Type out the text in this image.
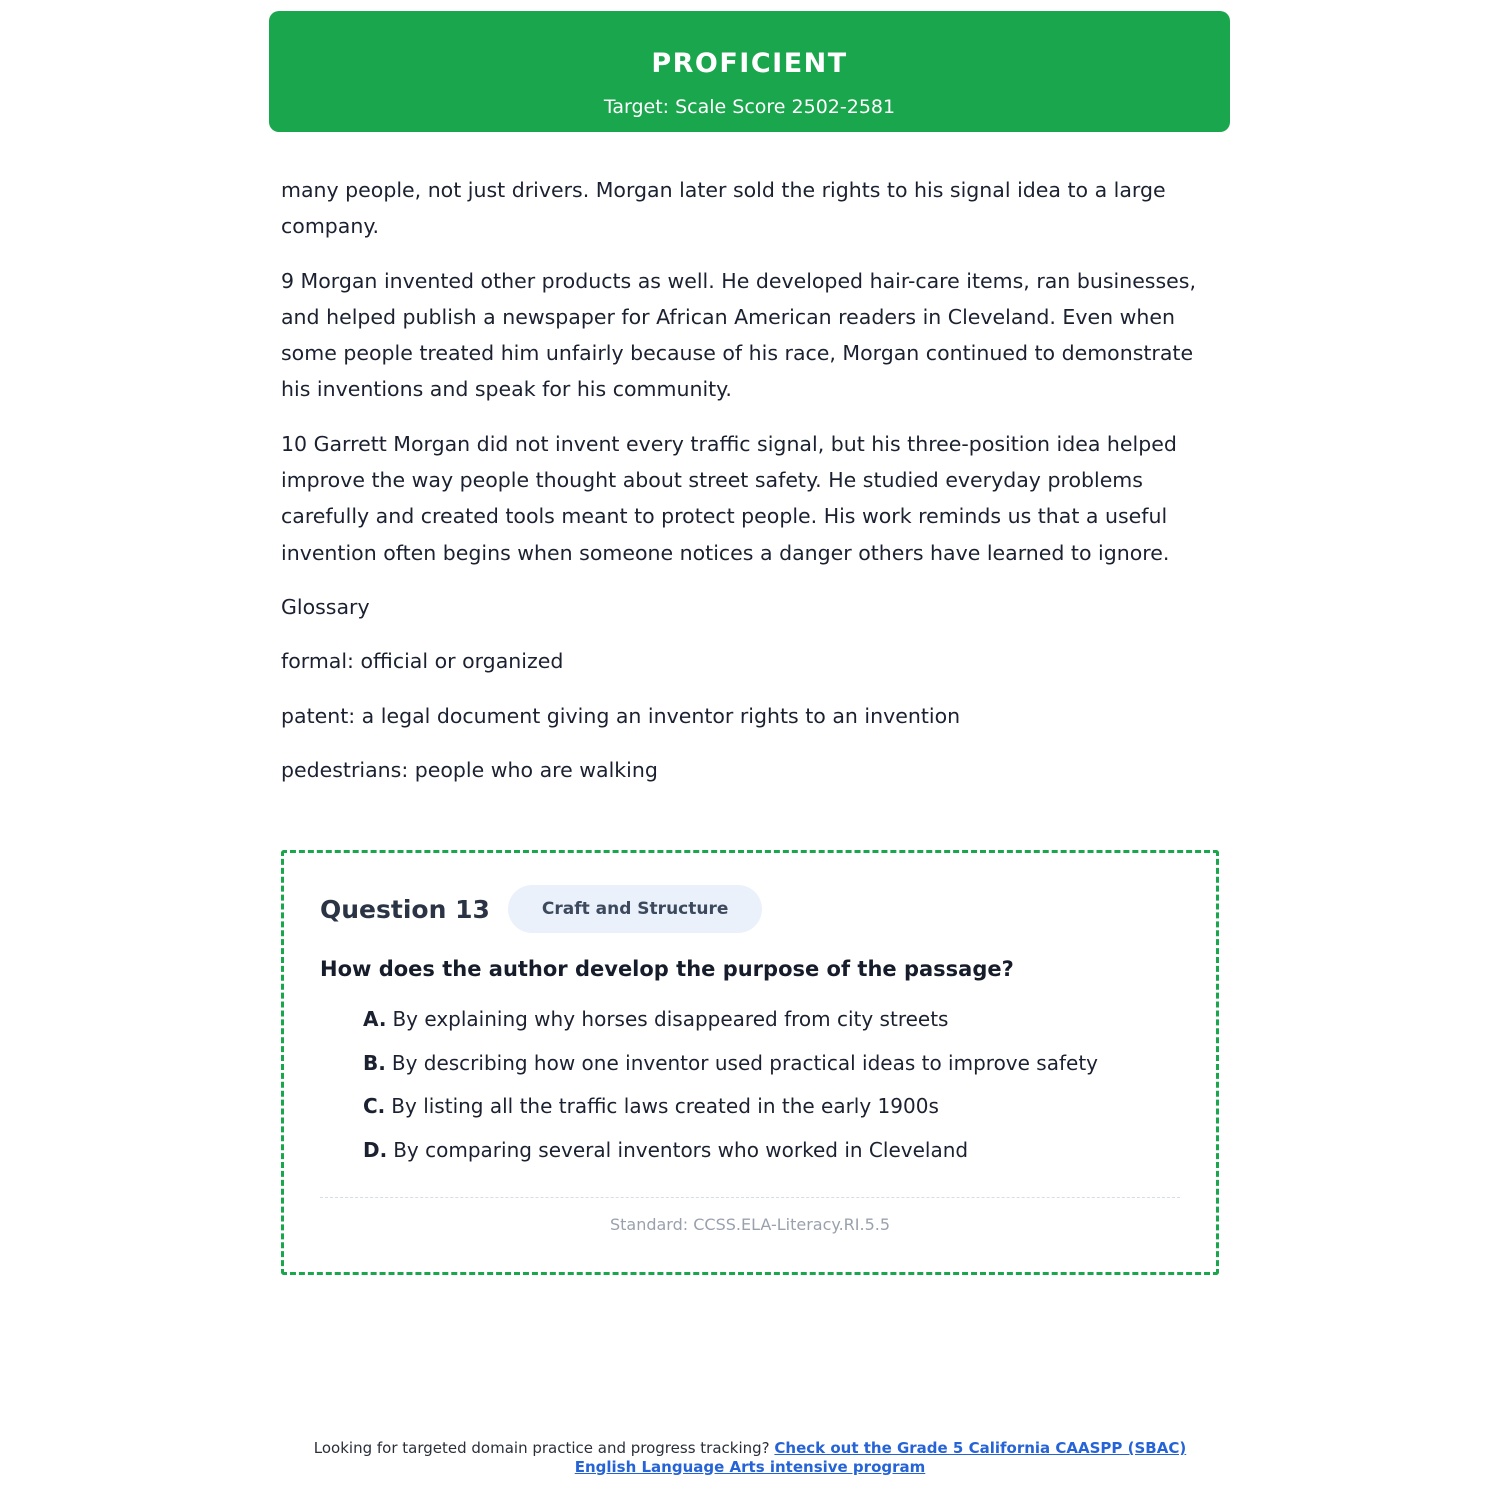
PROFICIENT
Target: Scale Score 2502-2581

many people, not just drivers. Morgan later sold the rights to his signal idea to a large company.

9 Morgan invented other products as well. He developed hair-care items, ran businesses, and helped publish a newspaper for African American readers in Cleveland. Even when some people treated him unfairly because of his race, Morgan continued to demonstrate his inventions and speak for his community.

10 Garrett Morgan did not invent every traffic signal, but his three-position idea helped improve the way people thought about street safety. He studied everyday problems carefully and created tools meant to protect people. His work reminds us that a useful invention often begins when someone notices a danger others have learned to ignore.

Glossary

formal: official or organized

patent: a legal document giving an inventor rights to an invention

pedestrians: people who are walking

Question 13	Craft and Structure
How does the author develop the purpose of the passage?
A. By explaining why horses disappeared from city streets
B. By describing how one inventor used practical ideas to improve safety
C. By listing all the traffic laws created in the early 1900s
D. By comparing several inventors who worked in Cleveland
Standard: CCSS.ELA-Literacy.RI.5.5
Looking for targeted domain practice and progress tracking? Check out the Grade 5 California CAASPP (SBAC) English Language Arts intensive program
